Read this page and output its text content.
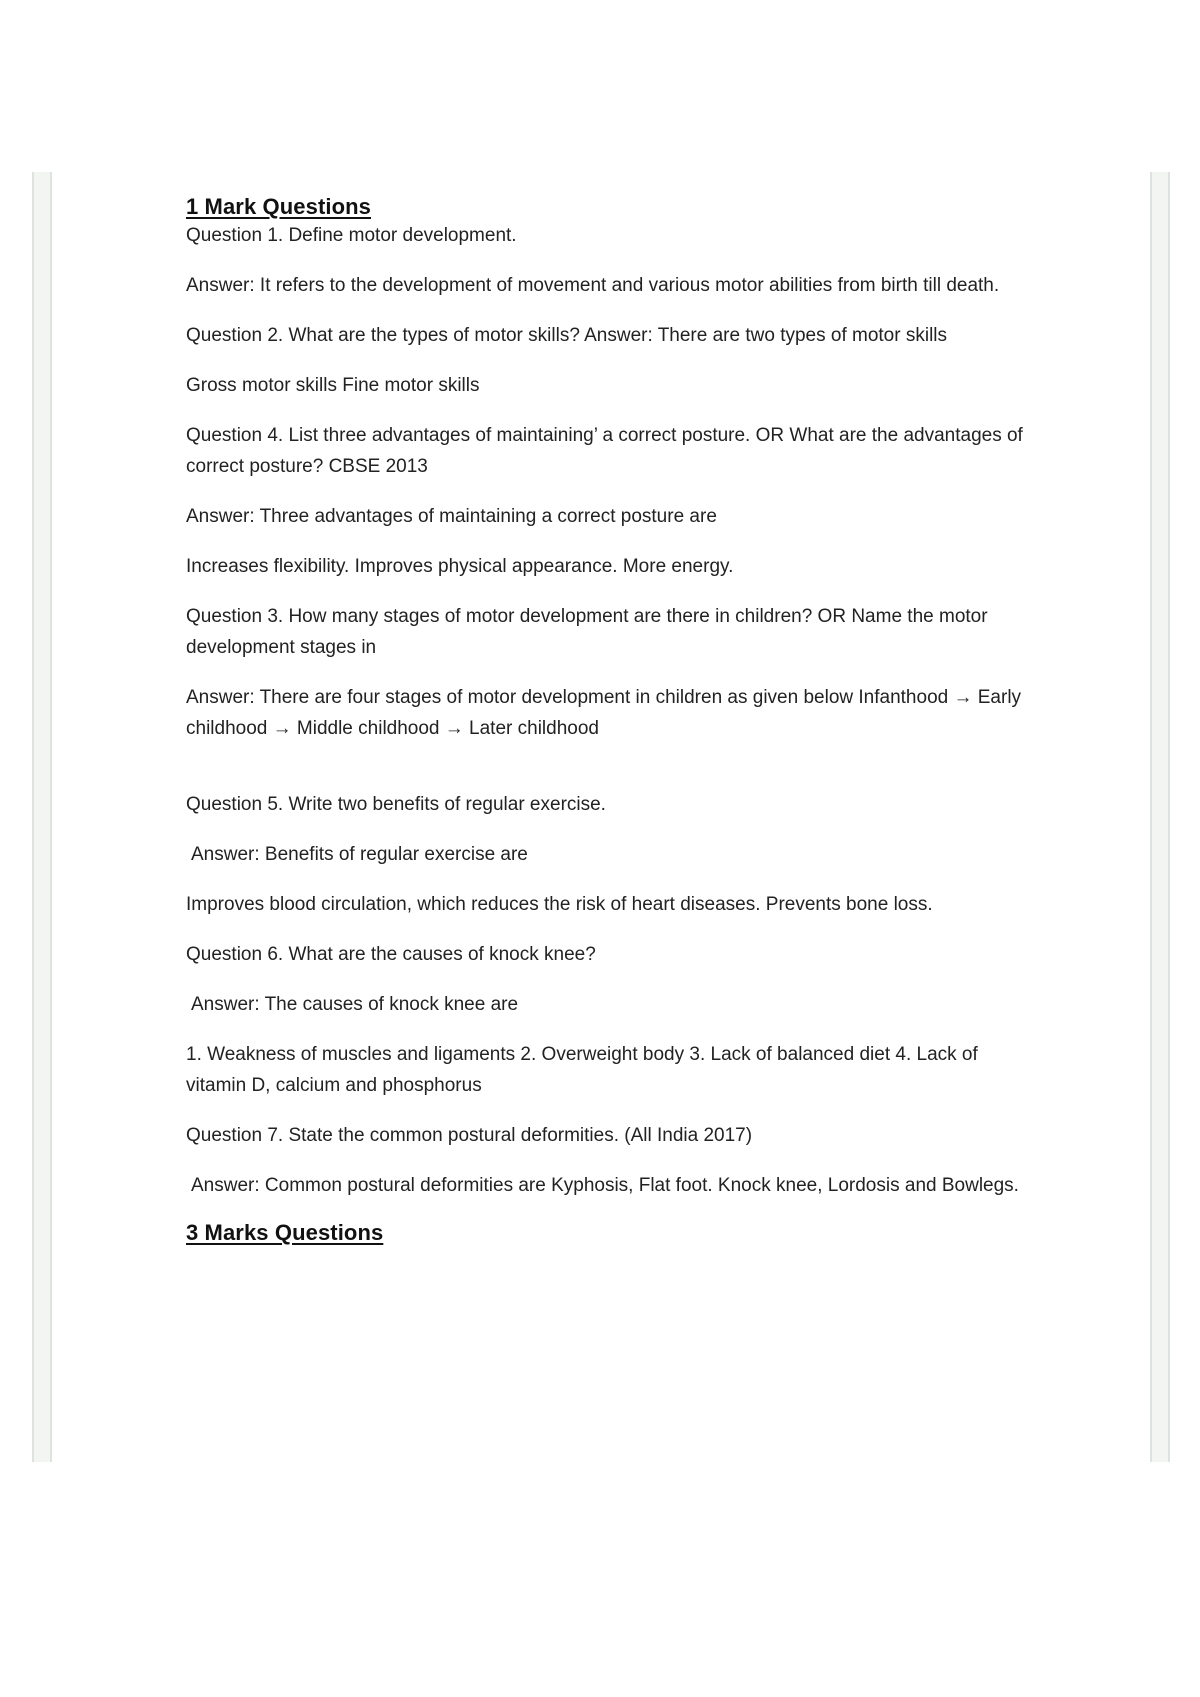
1 Mark Questions

Question 1. Define motor development.

Answer: It refers to the development of movement and various motor abilities from birth till death.

Question 2. What are the types of motor skills? Answer: There are two types of motor skills

Gross motor skills Fine motor skills

Question 4. List three advantages of maintaining’ a correct posture. OR What are the advantages of correct posture? CBSE 2013

Answer: Three advantages of maintaining a correct posture are

Increases flexibility. Improves physical appearance. More energy.

Question 3. How many stages of motor development are there in children? OR Name the motor development stages in

Answer: There are four stages of motor development in children as given below Infanthood → Early childhood → Middle childhood → Later childhood

Question 5. Write two benefits of regular exercise.

Answer: Benefits of regular exercise are

Improves blood circulation, which reduces the risk of heart diseases. Prevents bone loss.

Question 6. What are the causes of knock knee?

Answer: The causes of knock knee are

1. Weakness of muscles and ligaments 2. Overweight body 3. Lack of balanced diet 4. Lack of vitamin D, calcium and phosphorus

Question 7. State the common postural deformities. (All India 2017)

Answer: Common postural deformities are Kyphosis, Flat foot. Knock knee, Lordosis and Bowlegs.

3 Marks Questions
